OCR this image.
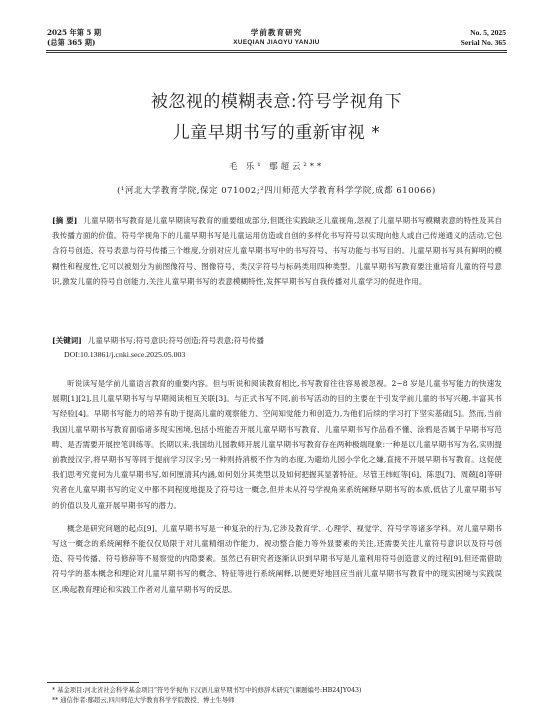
2025 年第 5 期
(总第 365 期)
学前教育研究
XUEQIAN JIAOYU YANJIU
No. 5, 2025
Serial No. 365
被忽视的模糊表意:符号学视角下
儿童早期书写的重新审视 *
毛 乐¹ 鄢超云²**
(¹河北大学教育学院,保定 071002;²四川师范大学教育科学学院,成都 610066)
[摘 要] 儿童早期书写教育是儿童早期读写教育的重要组成部分,但既往实践缺乏儿童视角,忽视了儿童早期书写模糊表意的特性及其自我传播方面的价值。符号学视角下的儿童早期书写是儿童运用仿造或自创的多样化书写符号以实现向他人或自己传递通义的活动,它包含符号创造、符号表意与符号传播三个维度,分别对应儿童早期书写中的书写符号、书写功能与书写目的。儿童早期书写具有鲜明的模糊性和程度性,它可以被划分为前图像符号、图像符号、类汉字符号与标码类用四种类型。儿童早期书写教育要注重培育儿童的符号意识,激发儿童的符号自创能力,关注儿童早期书写的表意模糊特性,发挥早期书写自我传播对儿童学习的促进作用。
[关键词] 儿童早期书写;符号意识;符号创造;符号表意;符号传播
DOI:10.13861/j.cnki.sece.2025.05.003

听说读写是学前儿童语言教育的重要内容。但与听说和阅读教育相比,书写教育往往容易被忽视。2~8 岁是儿童书写能力的快速发展期[1][2],且儿童早期书写与早期阅读相互关联[3]。与正式书写不同,前书写活动的目的主要在于引发学前儿童的书写兴趣,丰富其书写经验[4]。早期书写能力的培养有助于提高儿童的观察能力、空间知觉能力和创造力,为他们后续的学习打下坚实基础[5]。然而,当前我国儿童早期书写教育面临诸多现实困境,包括小班能否开展儿童早期书写教育、儿童早期书写作品看不懂、涂鸦是否属于早期书写范畴、是否需要开展控笔训练等。长期以来,我国幼儿园教师开展儿童早期书写教育存在两种极端现象:一种是以儿童早期书写为名,实则提前教授汉字,将早期书写等同于提前学习汉字;另一种则持消极不作为的态度,为避幼儿园小学化之嫌,直接不开展早期书写教育。这促使我们思考究竟何为儿童早期书写,如何厘清其内涵,如何划分其类型以及如何把握其显著特征。尽管王纬虹等[6]、陈思[7]、周兢[8]等研究者在儿童早期书写的定义中都不同程度地提及了符号这一概念,但并未从符号学视角来系统阐释早期书写的本质,低估了儿童早期书写的价值以及儿童开展早期书写的潜力。

概念是研究问题的起点[9]。儿童早期书写是一种复杂的行为,它涉及教育学、心理学、视觉学、符号学等诸多学科。对儿童早期书写这一概念的系统阐释不能仅仅局限于对儿童精细动作能力、视动整合能力等外显要素的关注,还需要关注儿童符号意识以及符号创造、符号传播、符号修辞等不易察觉的内隐要素。虽然已有研究者逐渐认识到早期书写是儿童利用符号创造意义的过程[9],但还需借助符号学的基本概念和理论对儿童早期书写的概念、特征等进行系统阐释,以便更好地回应当前儿童早期书写教育中的现实困境与实践误区,唤起教育理论和实践工作者对儿童早期书写的反思。

* 基金项目:河北省社会科学基金项目“符号学视角下汉语儿童早期书写中的修辞术研究”(课题编号:HB24JY043)
** 通信作者:鄢超云,四川师范大学教育科学学院教授、博士生导师
